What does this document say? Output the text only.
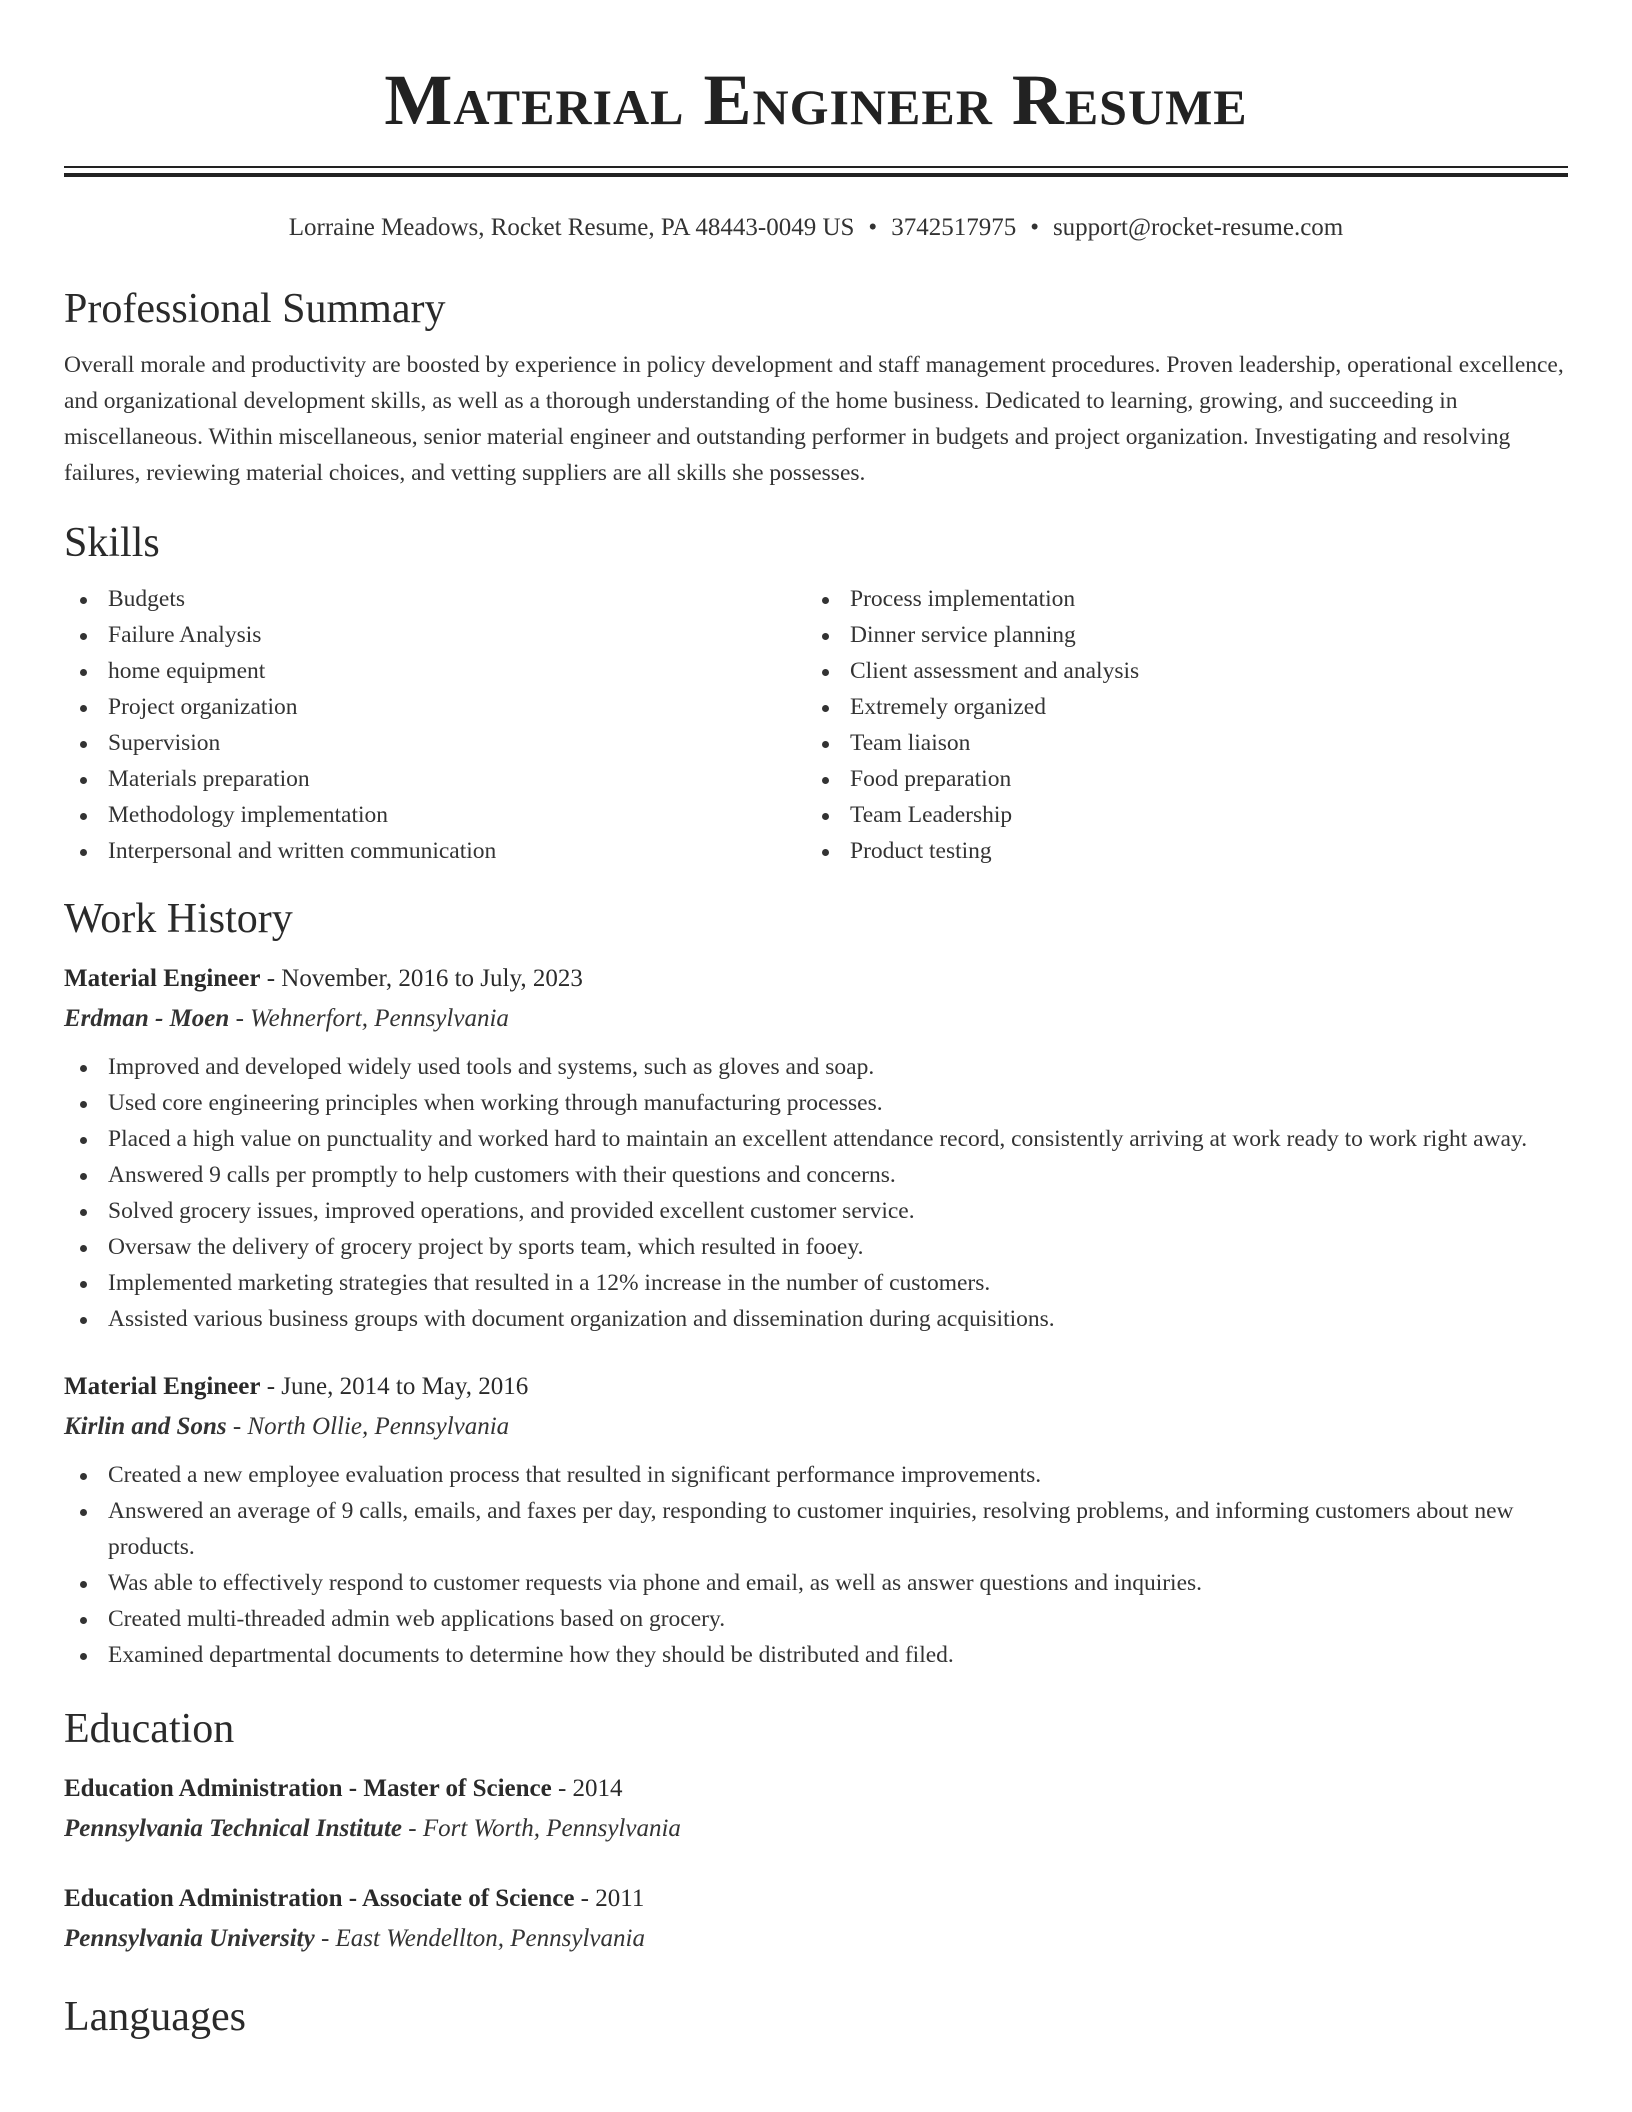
Material Engineer Resume
Lorraine Meadows, Rocket Resume, PA 48443-0049 US • 3742517975 • support@rocket-resume.com
Professional Summary

Overall morale and productivity are boosted by experience in policy development and staff management procedures. Proven leadership, operational excellence, and organizational development skills, as well as a thorough understanding of the home business. Dedicated to learning, growing, and succeeding in miscellaneous. Within miscellaneous, senior material engineer and outstanding performer in budgets and project organization. Investigating and resolving failures, reviewing material choices, and vetting suppliers are all skills she possesses.

Skills
Budgets
Failure Analysis
home equipment
Project organization
Supervision
Materials preparation
Methodology implementation
Interpersonal and written communication
Process implementation
Dinner service planning
Client assessment and analysis
Extremely organized
Team liaison
Food preparation
Team Leadership
Product testing
Work History
Material Engineer - November, 2016 to July, 2023
Erdman - Moen - Wehnerfort, Pennsylvania
Improved and developed widely used tools and systems, such as gloves and soap.
Used core engineering principles when working through manufacturing processes.
Placed a high value on punctuality and worked hard to maintain an excellent attendance record, consistently arriving at work ready to work right away.
Answered 9 calls per promptly to help customers with their questions and concerns.
Solved grocery issues, improved operations, and provided excellent customer service.
Oversaw the delivery of grocery project by sports team, which resulted in fooey.
Implemented marketing strategies that resulted in a 12% increase in the number of customers.
Assisted various business groups with document organization and dissemination during acquisitions.
Material Engineer - June, 2014 to May, 2016
Kirlin and Sons - North Ollie, Pennsylvania
Created a new employee evaluation process that resulted in significant performance improvements.
Answered an average of 9 calls, emails, and faxes per day, responding to customer inquiries, resolving problems, and informing customers about new products.
Was able to effectively respond to customer requests via phone and email, as well as answer questions and inquiries.
Created multi-threaded admin web applications based on grocery.
Examined departmental documents to determine how they should be distributed and filed.
Education
Education Administration - Master of Science - 2014
Pennsylvania Technical Institute - Fort Worth, Pennsylvania
Education Administration - Associate of Science - 2011
Pennsylvania University - East Wendellton, Pennsylvania
Languages
